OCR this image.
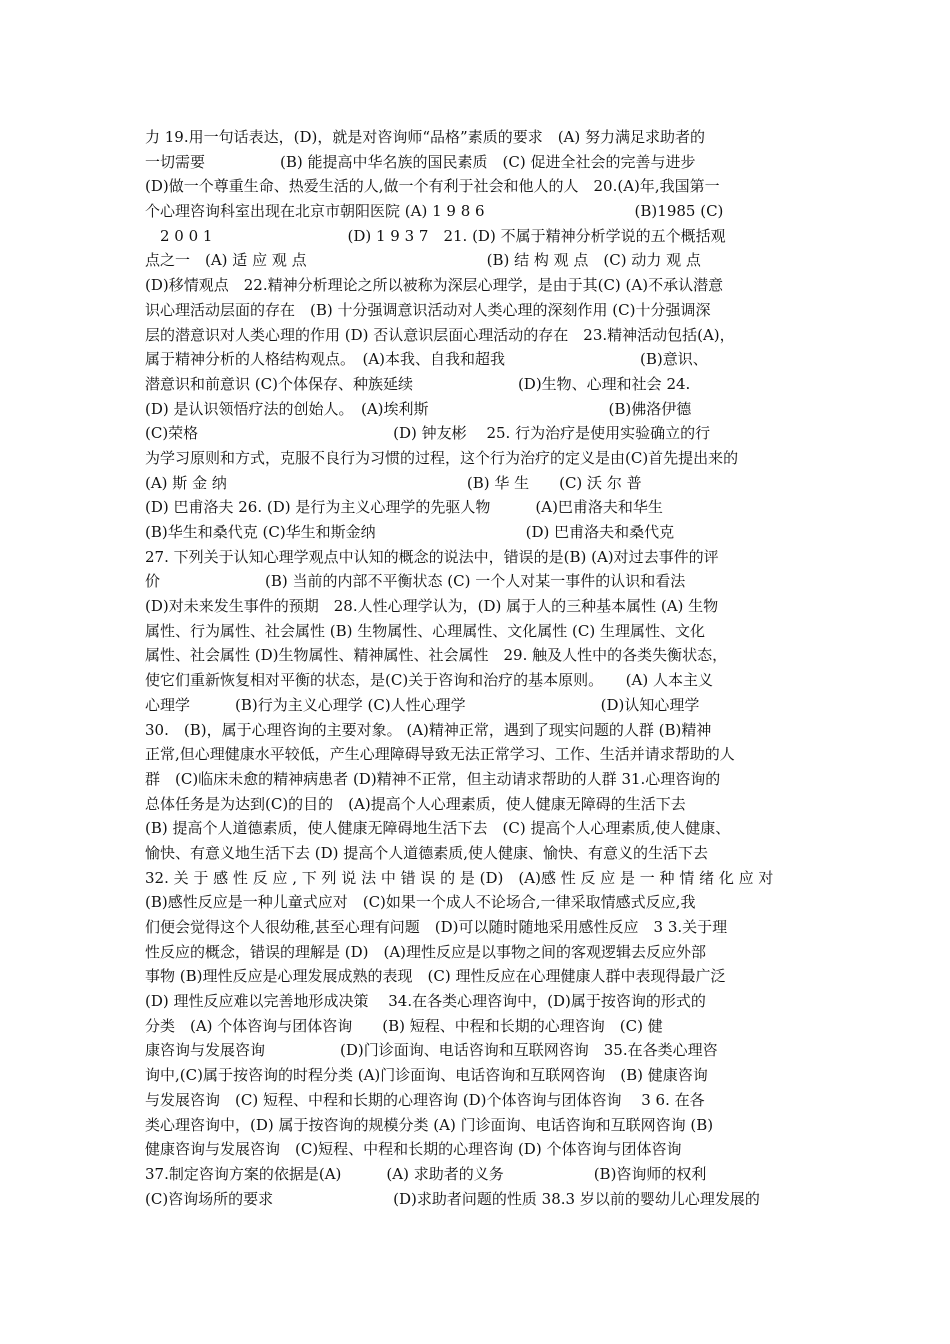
力 19.用一句话表达，(D)，就是对咨询师“品格”素质的要求　(A) 努力满足求助者的
一切需要　　　　　(B) 能提高中华名族的国民素质　(C) 促进全社会的完善与进步
(D)做一个尊重生命、热爱生活的人,做一个有利于社会和他人的人　20.(A)年,我国第一
个心理咨询科室出现在北京市朝阳医院 (A) 1 9 8 6　　　　　　　　　　(B)1985 (C)
　2 0 0 1　　　　　　　　　(D) 1 9 3 7　21. (D) 不属于精神分析学说的五个概括观
点之一　(A) 适 应 观 点　　　　　　　　　　　　(B) 结 构 观 点　(C) 动力 观 点
(D)移情观点　22.精神分析理论之所以被称为深层心理学，是由于其(C) (A)不承认潜意
识心理活动层面的存在　(B) 十分强调意识活动对人类心理的深刻作用 (C)十分强调深
层的潜意识对人类心理的作用 (D) 否认意识层面心理活动的存在　23.精神活动包括(A)，
属于精神分析的人格结构观点。　(A)本我、自我和超我　　　　　　　　　(B)意识、
潜意识和前意识 (C)个体保存、种族延续　　　　　　　(D)生物、心理和社会 24.
(D) 是认识领悟疗法的创始人。　(A)埃利斯　　　　　　　　　　　　(B)佛洛伊德
(C)荣格　　　　　　　　　　　　　(D) 钟友彬　 25. 行为治疗是使用实验确立的行
为学习原则和方式，克服不良行为习惯的过程，这个行为治疗的定义是由(C)首先提出来的
(A) 斯 金 纳　　　　　　　　　　　　　　　　(B) 华 生　　(C) 沃 尔 普
(D) 巴甫洛夫 26. (D) 是行为主义心理学的先驱人物　　　(A)巴甫洛夫和华生
(B)华生和桑代克 (C)华生和斯金纳　　　　　　　　　　(D) 巴甫洛夫和桑代克
27. 下列关于认知心理学观点中认知的概念的说法中，错误的是(B) (A)对过去事件的评
价　　　　　　　(B) 当前的内部不平衡状态 (C) 一个人对某一事件的认识和看法
(D)对未来发生事件的预期　28.人性心理学认为，(D) 属于人的三种基本属性 (A) 生物
属性、行为属性、社会属性 (B) 生物属性、心理属性、文化属性 (C) 生理属性、文化
属性、社会属性 (D)生物属性、精神属性、社会属性　29. 触及人性中的各类失衡状态，
使它们重新恢复相对平衡的状态，是(C)关于咨询和治疗的基本原则。　　(A) 人本主义
心理学　　　(B)行为主义心理学 (C)人性心理学　　　　　　　　　(D)认知心理学
30.　(B)，属于心理咨询的主要对象。 (A)精神正常，遇到了现实问题的人群 (B)精神
正常,但心理健康水平较低，产生心理障碍导致无法正常学习、工作、生活并请求帮助的人
群　(C)临床未愈的精神病患者 (D)精神不正常，但主动请求帮助的人群 31.心理咨询的
总体任务是为达到(C)的目的　(A)提高个人心理素质，使人健康无障碍的生活下去
(B) 提高个人道德素质，使人健康无障碍地生活下去　(C) 提高个人心理素质,使人健康、
愉快、有意义地生活下去 (D) 提高个人道德素质,使人健康、愉快、有意义的生活下去
32. 关 于 感 性 反 应 , 下 列 说 法 中 错 误 的 是 (D)　(A)感 性 反 应 是 一 种 情 绪 化 应 对
(B)感性反应是一种儿童式应对　(C)如果一个成人不论场合,一律采取情感式反应,我
们便会觉得这个人很幼稚,甚至心理有问题　(D)可以随时随地采用感性反应　3 3.关于理
性反应的概念，错误的理解是 (D)　(A)理性反应是以事物之间的客观逻辑去反应外部
事物 (B)理性反应是心理发展成熟的表现　(C) 理性反应在心理健康人群中表现得最广泛
(D) 理性反应难以完善地形成决策　 34.在各类心理咨询中，(D)属于按咨询的形式的
分类　(A) 个体咨询与团体咨询　　(B) 短程、中程和长期的心理咨询　(C) 健
康咨询与发展咨询　　　　　(D)门诊面询、电话咨询和互联网咨询　35.在各类心理咨
询中,(C)属于按咨询的时程分类 (A)门诊面询、电话咨询和互联网咨询　(B) 健康咨询
与发展咨询　(C) 短程、中程和长期的心理咨询 (D)个体咨询与团体咨询　 3 6. 在各
类心理咨询中，(D) 属于按咨询的规模分类 (A) 门诊面询、电话咨询和互联网咨询 (B)
健康咨询与发展咨询　(C)短程、中程和长期的心理咨询 (D) 个体咨询与团体咨询
37.制定咨询方案的依据是(A)　　　(A) 求助者的义务　　　　　　(B)咨询师的权利
(C)咨询场所的要求　　　　　　　　(D)求助者问题的性质 38.3 岁以前的婴幼儿心理发展的
